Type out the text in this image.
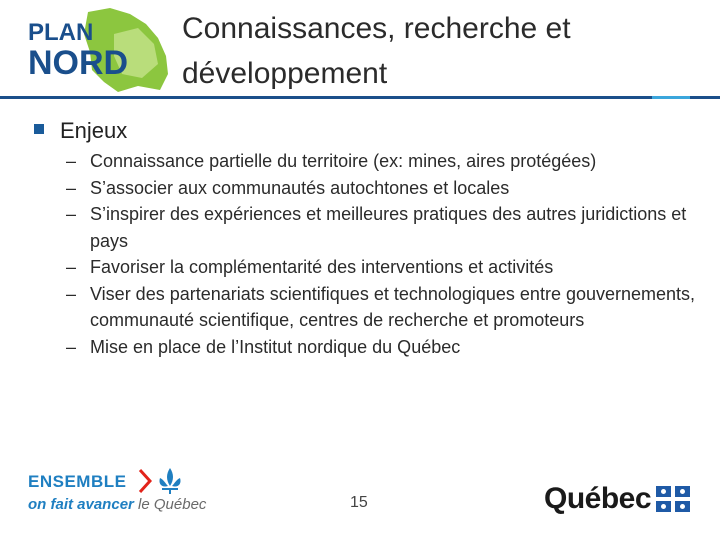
PLAN
NORD
Connaissances, recherche et
développement
Enjeux
– Connaissance partielle du territoire (ex: mines, aires protégées)
– S’associer aux communautés autochtones et locales
– S’inspirer des expériences et meilleures pratiques des autres juridictions et pays
– Favoriser la complémentarité des interventions et activités
– Viser des partenariats scientifiques et technologiques entre gouvernements, communauté scientifique, centres de recherche et promoteurs
– Mise en place de l’Institut nordique du Québec
ENSEMBLE
on fait avancer le Québec	15	Québec
